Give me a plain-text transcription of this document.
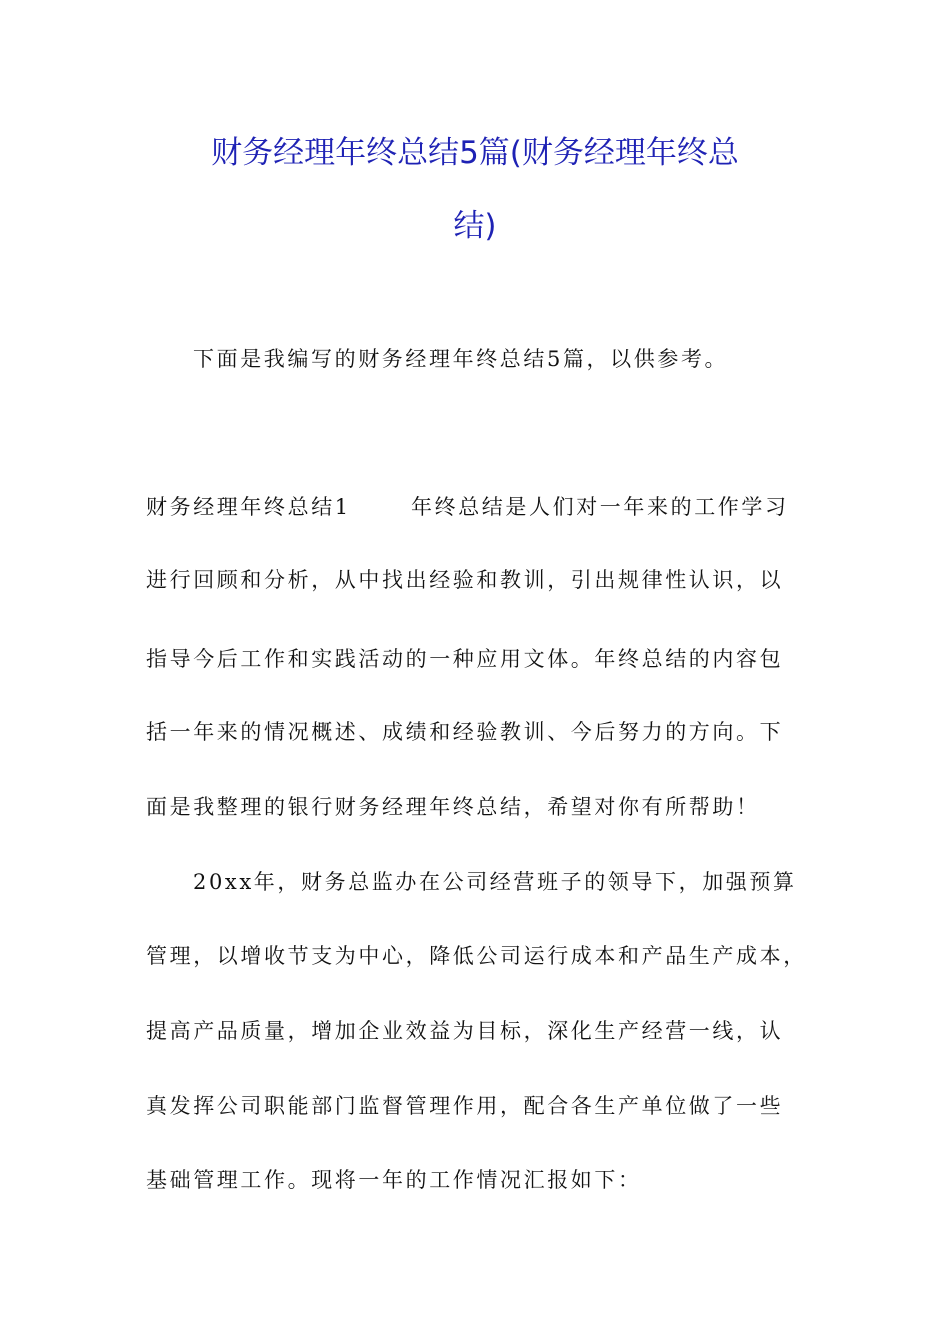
财务经理年终总结5篇(财务经理年终总
结)
下面是我编写的财务经理年终总结5篇，以供参考。
财务经理年终总结1	年终总结是人们对一年来的工作学习
进行回顾和分析，从中找出经验和教训，引出规律性认识，以
指导今后工作和实践活动的一种应用文体。年终总结的内容包
括一年来的情况概述、成绩和经验教训、今后努力的方向。下
面是我整理的银行财务经理年终总结，希望对你有所帮助！
20xx年，财务总监办在公司经营班子的领导下，加强预算
管理，以增收节支为中心，降低公司运行成本和产品生产成本，
提高产品质量，增加企业效益为目标，深化生产经营一线，认
真发挥公司职能部门监督管理作用，配合各生产单位做了一些
基础管理工作。现将一年的工作情况汇报如下：
